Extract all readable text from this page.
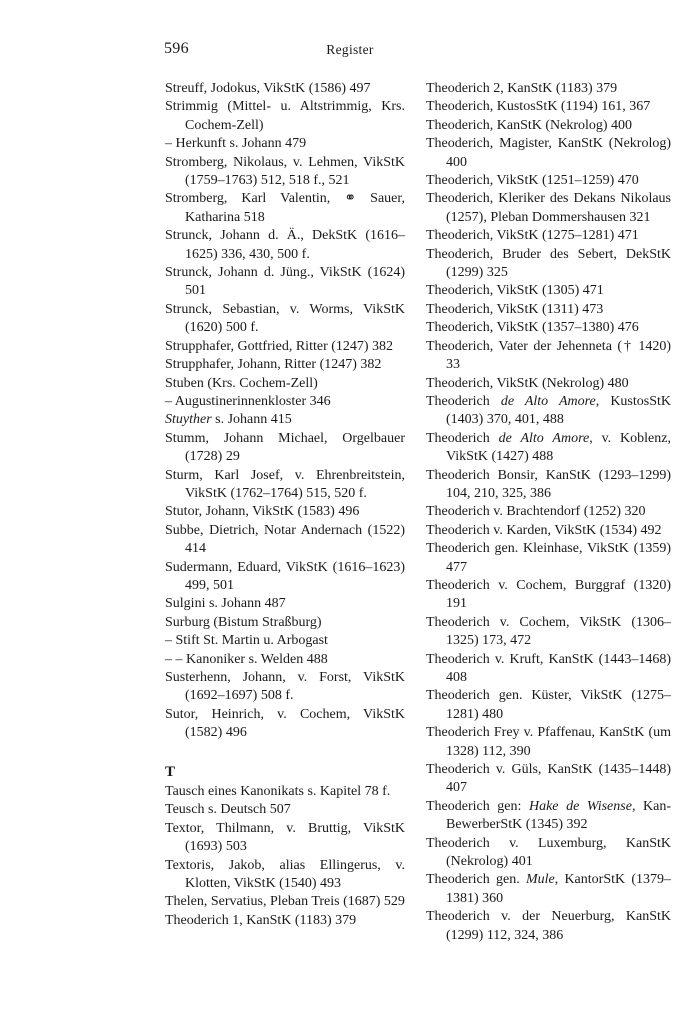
596	Register
Streuff, Jodokus, VikStK (1586) 497
Strimmig (Mittel- u. Altstrimmig, Krs. Cochem-Zell)
– Herkunft s. Johann 479
Stromberg, Nikolaus, v. Lehmen, VikStK (1759–1763) 512, 518 f., 521
Stromberg, Karl Valentin, ⚭ Sauer, Katharina 518
Strunck, Johann d. Ä., DekStK (1616–1625) 336, 430, 500 f.
Strunck, Johann d. Jüng., VikStK (1624) 501
Strunck, Sebastian, v. Worms, VikStK (1620) 500 f.
Strupphafer, Gottfried, Ritter (1247) 382
Strupphafer, Johann, Ritter (1247) 382
Stuben (Krs. Cochem-Zell)
– Augustinerinnenkloster 346
Stuyther s. Johann 415
Stumm, Johann Michael, Orgelbauer (1728) 29
Sturm, Karl Josef, v. Ehrenbreitstein, VikStK (1762–1764) 515, 520 f.
Stutor, Johann, VikStK (1583) 496
Subbe, Dietrich, Notar Andernach (1522) 414
Sudermann, Eduard, VikStK (1616–1623) 499, 501
Sulgini s. Johann 487
Surburg (Bistum Straßburg)
– Stift St. Martin u. Arbogast
– – Kanoniker s. Welden 488
Susterhenn, Johann, v. Forst, VikStK (1692–1697) 508 f.
Sutor, Heinrich, v. Cochem, VikStK (1582) 496
T
Tausch eines Kanonikats s. Kapitel 78 f.
Teusch s. Deutsch 507
Textor, Thilmann, v. Bruttig, VikStK (1693) 503
Textoris, Jakob, alias Ellingerus, v. Klotten, VikStK (1540) 493
Thelen, Servatius, Pleban Treis (1687) 529
Theoderich 1, KanStK (1183) 379
Theoderich 2, KanStK (1183) 379
Theoderich, KustosStK (1194) 161, 367
Theoderich, KanStK (Nekrolog) 400
Theoderich, Magister, KanStK (Nekrolog) 400
Theoderich, VikStK (1251–1259) 470
Theoderich, Kleriker des Dekans Nikolaus (1257), Pleban Dommershausen 321
Theoderich, VikStK (1275–1281) 471
Theoderich, Bruder des Sebert, DekStK (1299) 325
Theoderich, VikStK (1305) 471
Theoderich, VikStK (1311) 473
Theoderich, VikStK (1357–1380) 476
Theoderich, Vater der Jehenneta († 1420) 33
Theoderich, VikStK (Nekrolog) 480
Theoderich de Alto Amore, KustosStK (1403) 370, 401, 488
Theoderich de Alto Amore, v. Koblenz, VikStK (1427) 488
Theoderich Bonsir, KanStK (1293–1299) 104, 210, 325, 386
Theoderich v. Brachtendorf (1252) 320
Theoderich v. Karden, VikStK (1534) 492
Theoderich gen. Kleinhase, VikStK (1359) 477
Theoderich v. Cochem, Burggraf (1320) 191
Theoderich v. Cochem, VikStK (1306–1325) 173, 472
Theoderich v. Kruft, KanStK (1443–1468) 408
Theoderich gen. Küster, VikStK (1275–1281) 480
Theoderich Frey v. Pfaffenau, KanStK (um 1328) 112, 390
Theoderich v. Güls, KanStK (1435–1448) 407
Theoderich gen: Hake de Wisense, Kan-BewerberStK (1345) 392
Theoderich v. Luxemburg, KanStK (Nekrolog) 401
Theoderich gen. Mule, KantorStK (1379–1381) 360
Theoderich v. der Neuerburg, KanStK (1299) 112, 324, 386
